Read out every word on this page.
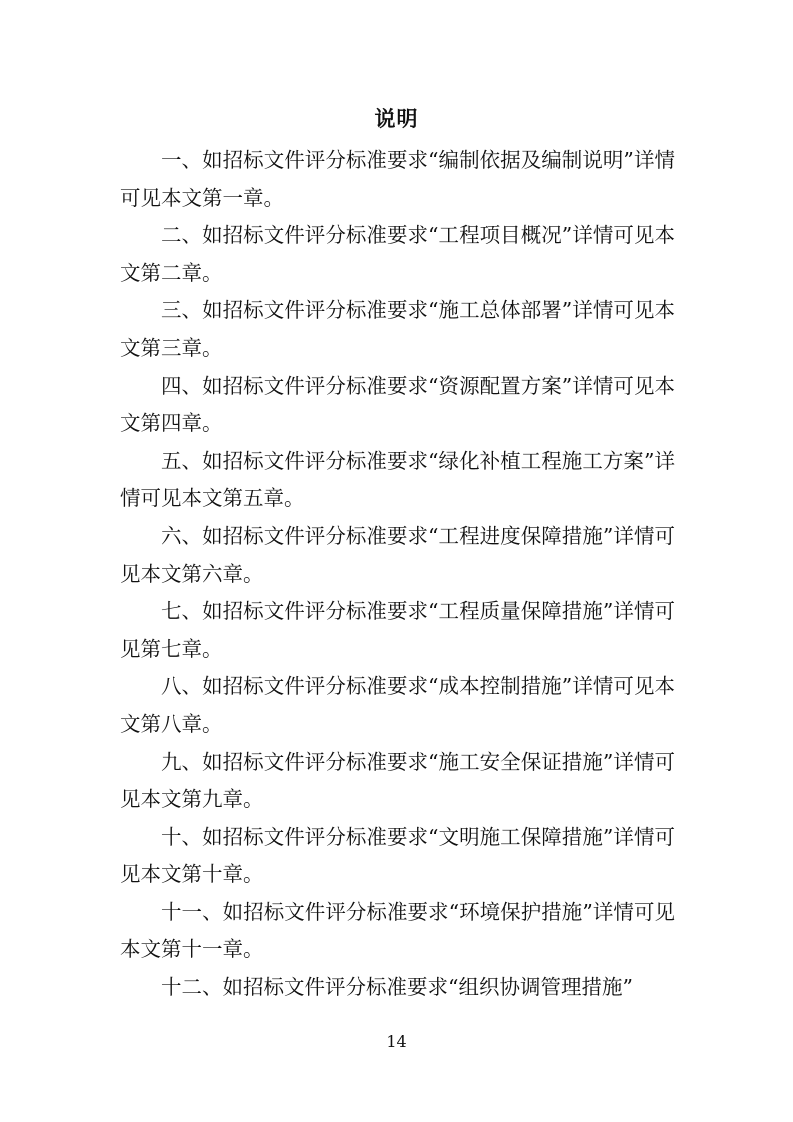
说明

一、如招标文件评分标准要求“编制依据及编制说明”详情可见本文第一章。

二、如招标文件评分标准要求“工程项目概况”详情可见本文第二章。

三、如招标文件评分标准要求“施工总体部署”详情可见本文第三章。

四、如招标文件评分标准要求“资源配置方案”详情可见本文第四章。

五、如招标文件评分标准要求“绿化补植工程施工方案”详情可见本文第五章。

六、如招标文件评分标准要求“工程进度保障措施”详情可见本文第六章。

七、如招标文件评分标准要求“工程质量保障措施”详情可见第七章。

八、如招标文件评分标准要求“成本控制措施”详情可见本文第八章。

九、如招标文件评分标准要求“施工安全保证措施”详情可见本文第九章。

十、如招标文件评分标准要求“文明施工保障措施”详情可见本文第十章。

十一、如招标文件评分标准要求“环境保护措施”详情可见本文第十一章。

十二、如招标文件评分标准要求“组织协调管理措施”

14
